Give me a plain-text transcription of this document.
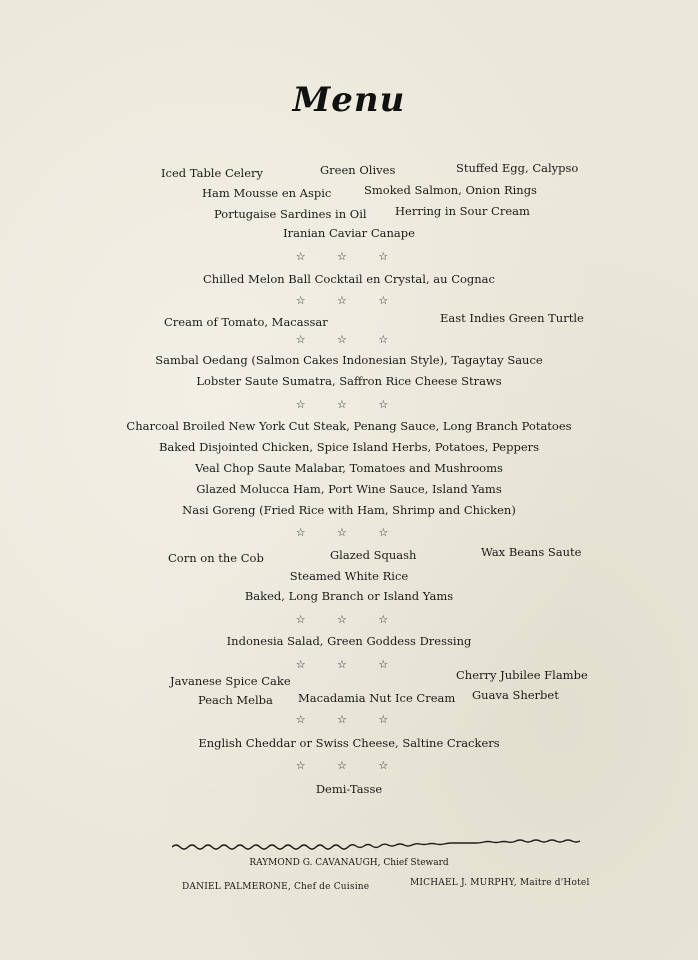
Menu
Iced Table Celery	Green Olives	Stuffed Egg, Calypso
Ham Mousse en Aspic	Smoked Salmon, Onion Rings
Portugaise Sardines in Oil Herring in Sour Cream
Iranian Caviar Canape
☆ ☆ ☆
Chilled Melon Ball Cocktail en Crystal, au Cognac
☆ ☆ ☆
Cream of Tomato, Macassar	East Indies Green Turtle
☆ ☆ ☆
Sambal Oedang (Salmon Cakes Indonesian Style), Tagaytay Sauce
Lobster Saute Sumatra, Saffron Rice Cheese Straws
☆ ☆ ☆
Charcoal Broiled New York Cut Steak, Penang Sauce, Long Branch Potatoes
Baked Disjointed Chicken, Spice Island Herbs, Potatoes, Peppers
Veal Chop Saute Malabar, Tomatoes and Mushrooms
Glazed Molucca Ham, Port Wine Sauce, Island Yams
Nasi Goreng (Fried Rice with Ham, Shrimp and Chicken)
☆ ☆ ☆
Corn on the Cob	Glazed Squash	Wax Beans Saute
Steamed White Rice
Baked, Long Branch or Island Yams
☆ ☆ ☆
Indonesia Salad, Green Goddess Dressing
☆ ☆ ☆
Javanese Spice Cake	Cherry Jubilee Flambe
Peach Melba Macadamia Nut Ice Cream Guava Sherbet
☆ ☆ ☆
English Cheddar or Swiss Cheese, Saltine Crackers
☆ ☆ ☆
Demi-Tasse
RAYMOND G. CAVANAUGH, Chief Steward
DANIEL PALMERONE, Chef de Cuisine	MICHAEL J. MURPHY, Maitre d'Hotel
